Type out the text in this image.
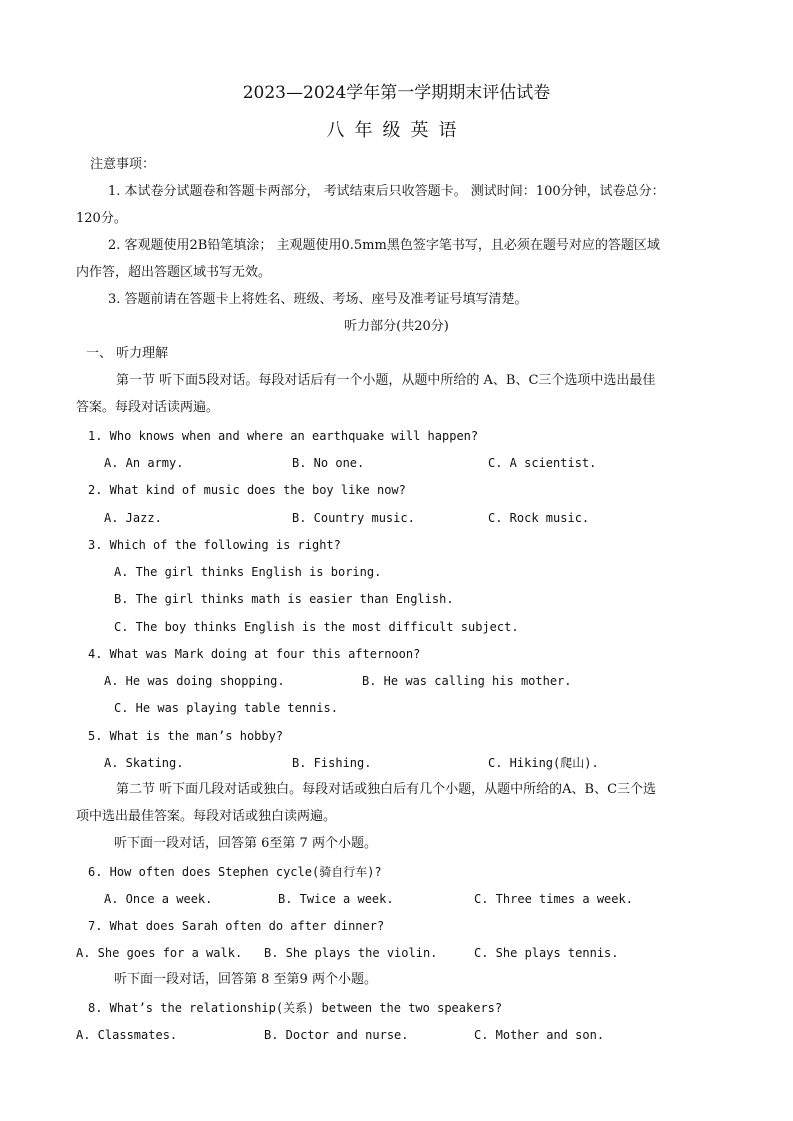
2023—2024学年第一学期期末评估试卷
八年级英语
注意事项：
1. 本试卷分试题卷和答题卡两部分， 考试结束后只收答题卡。 测试时间：100分钟，试卷总分：
120分。
2. 客观题使用2B铅笔填涂； 主观题使用0.5mm黑色签字笔书写，且必须在题号对应的答题区域
内作答，超出答题区域书写无效。
3. 答题前请在答题卡上将姓名、班级、考场、座号及准考证号填写清楚。
听力部分(共20分)
一、 听力理解
第一节 听下面5段对话。每段对话后有一个小题，从题中所给的 A、B、C三个选项中选出最佳
答案。每段对话读两遍。
1. Who knows when and where an earthquake will happen?
A. An army.	B. No one.	C. A scientist.
2. What kind of music does the boy like now?
A. Jazz.	B. Country music.	C. Rock music.
3. Which of the following is right?
A. The girl thinks English is boring.
B. The girl thinks math is easier than English.
C. The boy thinks English is the most difficult subject.
4. What was Mark doing at four this afternoon?
A. He was doing shopping.	B. He was calling his mother.
C. He was playing table tennis.
5. What is the man’s hobby?
A. Skating.	B. Fishing.	C. Hiking(爬山).
第二节 听下面几段对话或独白。每段对话或独白后有几个小题，从题中所给的A、B、C三个选
项中选出最佳答案。每段对话或独白读两遍。
听下面一段对话，回答第 6至第 7 两个小题。
6. How often does Stephen cycle(骑自行车)?
A. Once a week.	B. Twice a week.	C. Three times a week.
7. What does Sarah often do after dinner?
A. She goes for a walk. B. She plays the violin.	C. She plays tennis.
听下面一段对话，回答第 8 至第9 两个小题。
8. What’s the relationship(关系) between the two speakers?
A. Classmates.	B. Doctor and nurse.	C. Mother and son.
